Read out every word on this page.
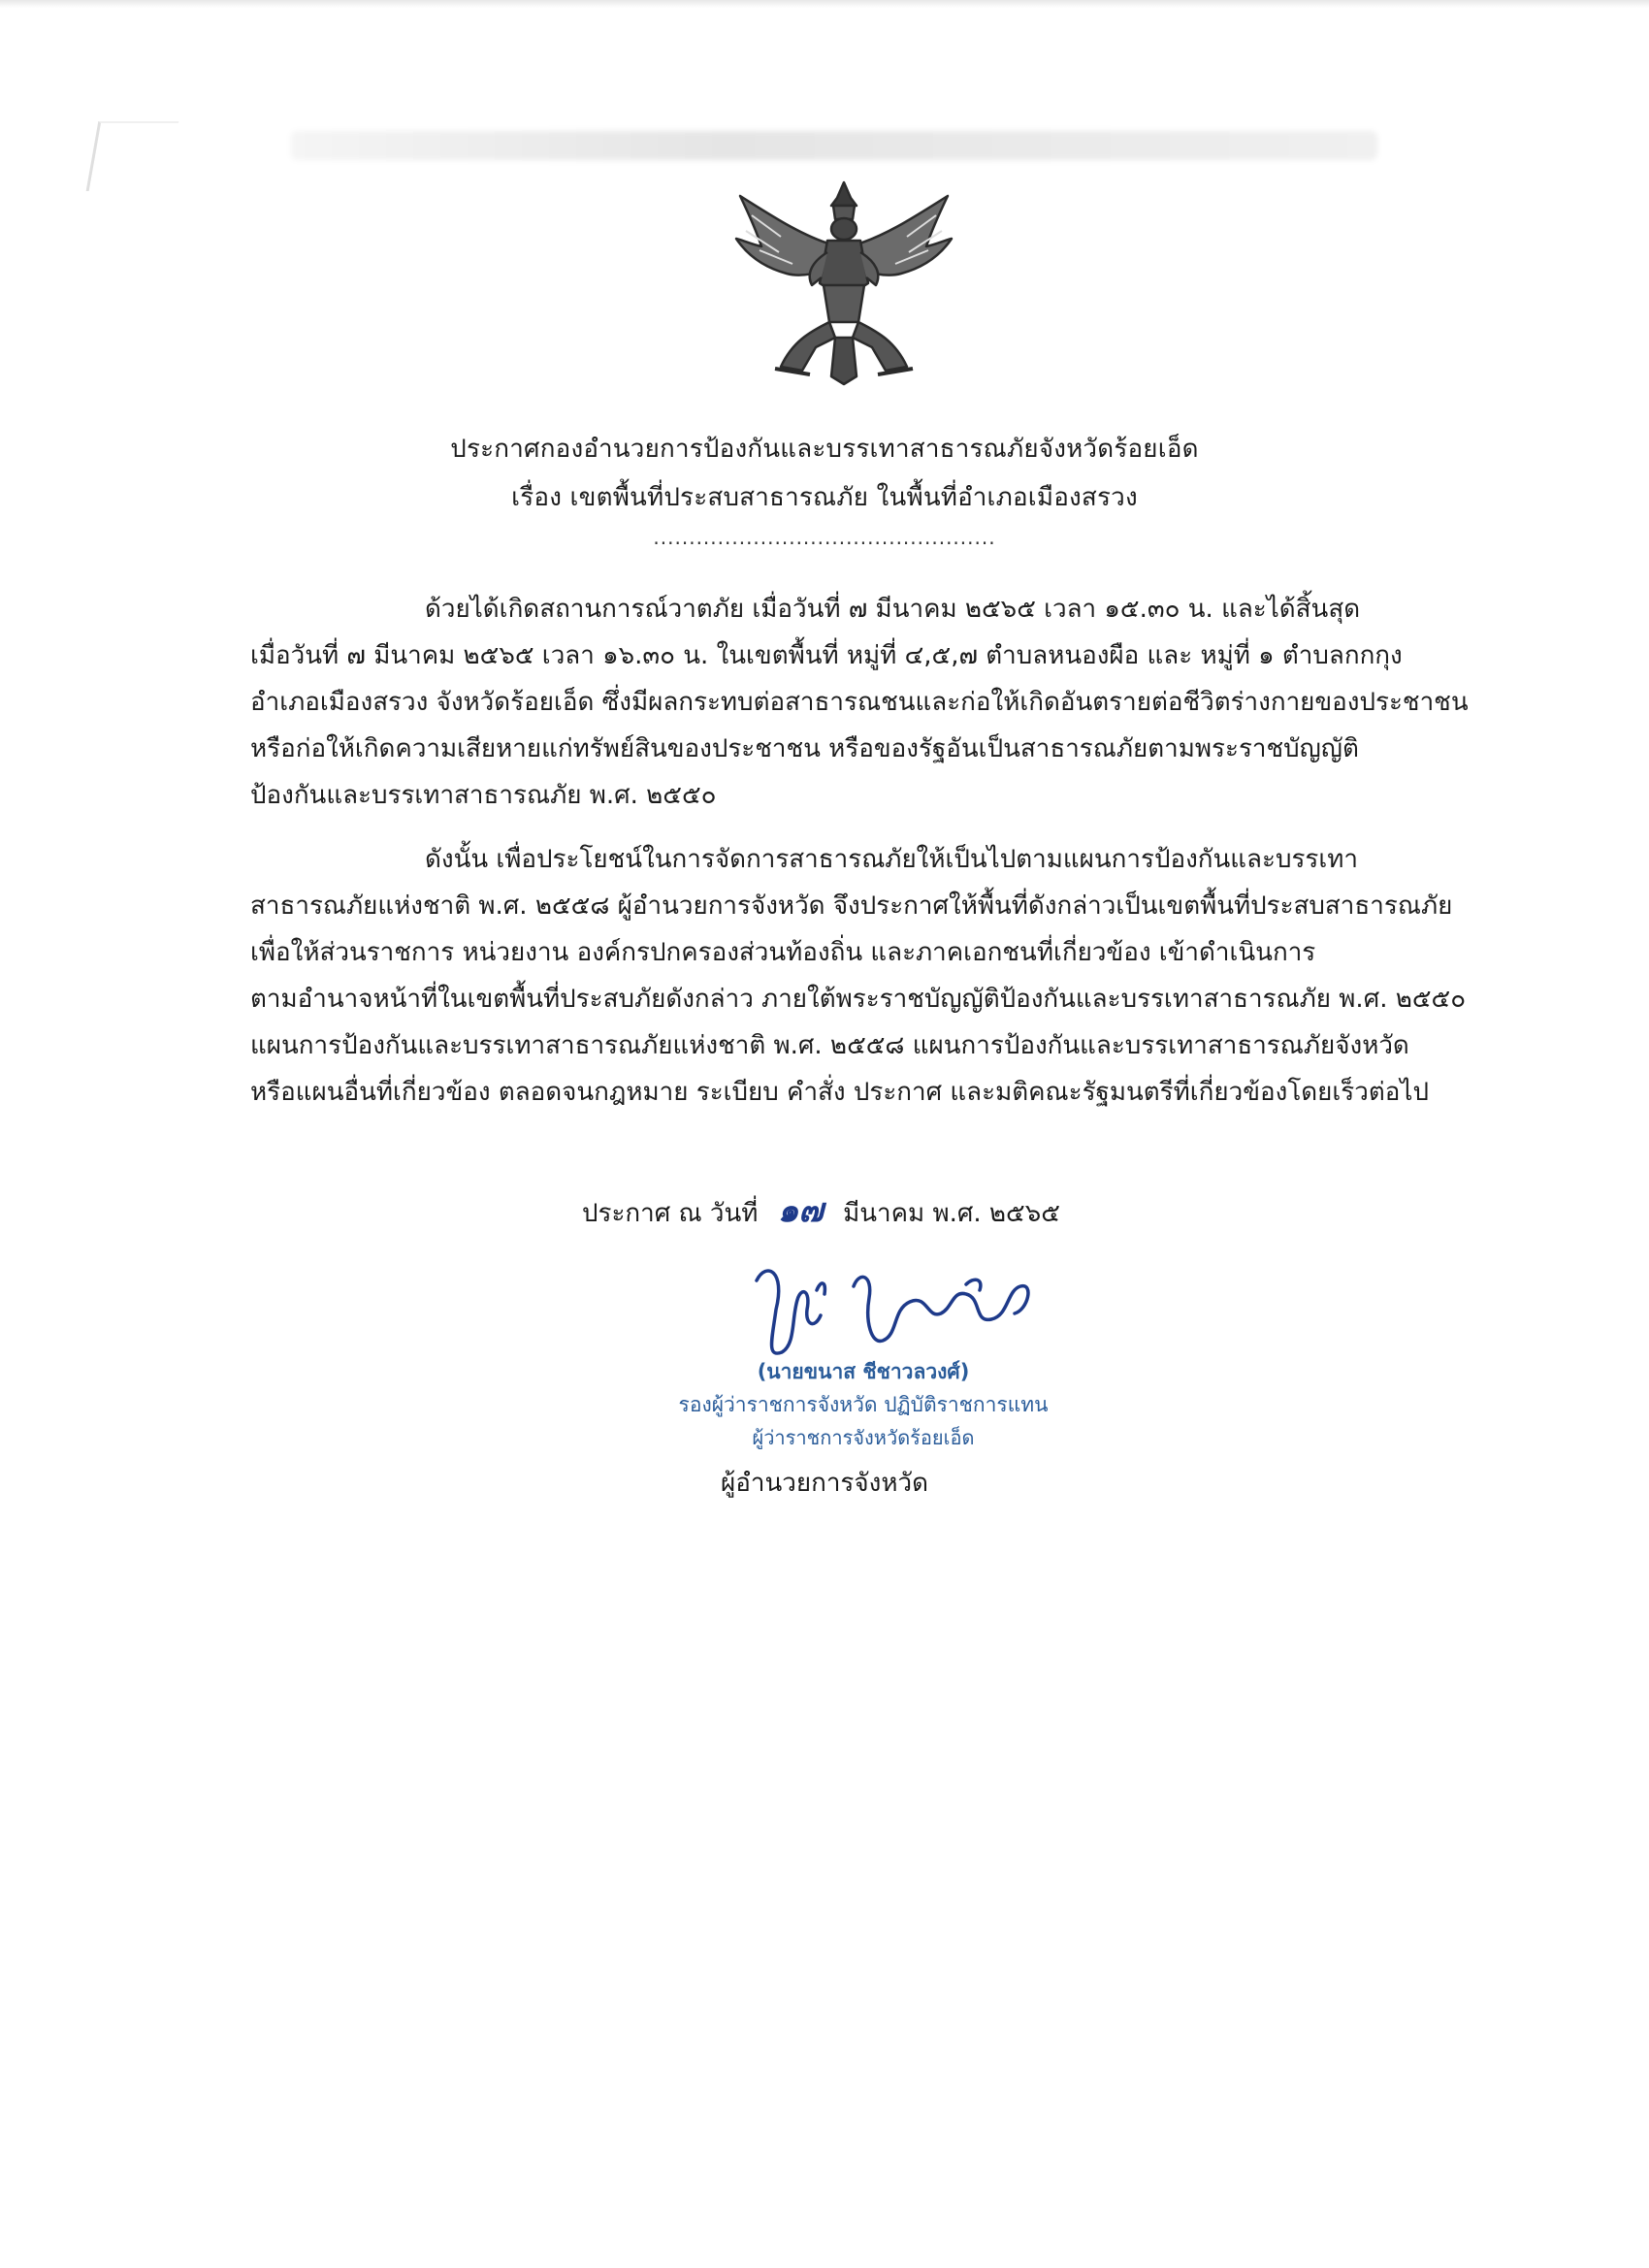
ประกาศกองอำนวยการป้องกันและบรรเทาสาธารณภัยจังหวัดร้อยเอ็ด
เรื่อง เขตพื้นที่ประสบสาธารณภัย ในพื้นที่อำเภอเมืองสรวง
................................................
ด้วยได้เกิดสถานการณ์วาตภัย เมื่อวันที่ ๗ มีนาคม ๒๕๖๕ เวลา ๑๕.๓๐ น. และได้สิ้นสุด
เมื่อวันที่ ๗ มีนาคม ๒๕๖๕ เวลา ๑๖.๓๐ น. ในเขตพื้นที่ หมู่ที่ ๔,๕,๗ ตำบลหนองผือ และ หมู่ที่ ๑ ตำบลกกกุง
อำเภอเมืองสรวง จังหวัดร้อยเอ็ด ซึ่งมีผลกระทบต่อสาธารณชนและก่อให้เกิดอันตรายต่อชีวิตร่างกายของประชาชน
หรือก่อให้เกิดความเสียหายแก่ทรัพย์สินของประชาชน หรือของรัฐอันเป็นสาธารณภัยตามพระราชบัญญัติ
ป้องกันและบรรเทาสาธารณภัย พ.ศ. ๒๕๕๐
ดังนั้น เพื่อประโยชน์ในการจัดการสาธารณภัยให้เป็นไปตามแผนการป้องกันและบรรเทา
สาธารณภัยแห่งชาติ พ.ศ. ๒๕๕๘ ผู้อำนวยการจังหวัด จึงประกาศให้พื้นที่ดังกล่าวเป็นเขตพื้นที่ประสบสาธารณภัย
เพื่อให้ส่วนราชการ หน่วยงาน องค์กรปกครองส่วนท้องถิ่น และภาคเอกชนที่เกี่ยวข้อง เข้าดำเนินการ
ตามอำนาจหน้าที่ในเขตพื้นที่ประสบภัยดังกล่าว ภายใต้พระราชบัญญัติป้องกันและบรรเทาสาธารณภัย พ.ศ. ๒๕๕๐
แผนการป้องกันและบรรเทาสาธารณภัยแห่งชาติ พ.ศ. ๒๕๕๘ แผนการป้องกันและบรรเทาสาธารณภัยจังหวัด
หรือแผนอื่นที่เกี่ยวข้อง ตลอดจนกฎหมาย ระเบียบ คำสั่ง ประกาศ และมติคณะรัฐมนตรีที่เกี่ยวข้องโดยเร็วต่อไป
ประกาศ ณ วันที่ ๑๗ มีนาคม พ.ศ. ๒๕๖๕
(นายขนาส ชีชาวลวงศ์)
รองผู้ว่าราชการจังหวัด ปฏิบัติราชการแทน
ผู้ว่าราชการจังหวัดร้อยเอ็ด
ผู้อำนวยการจังหวัด
